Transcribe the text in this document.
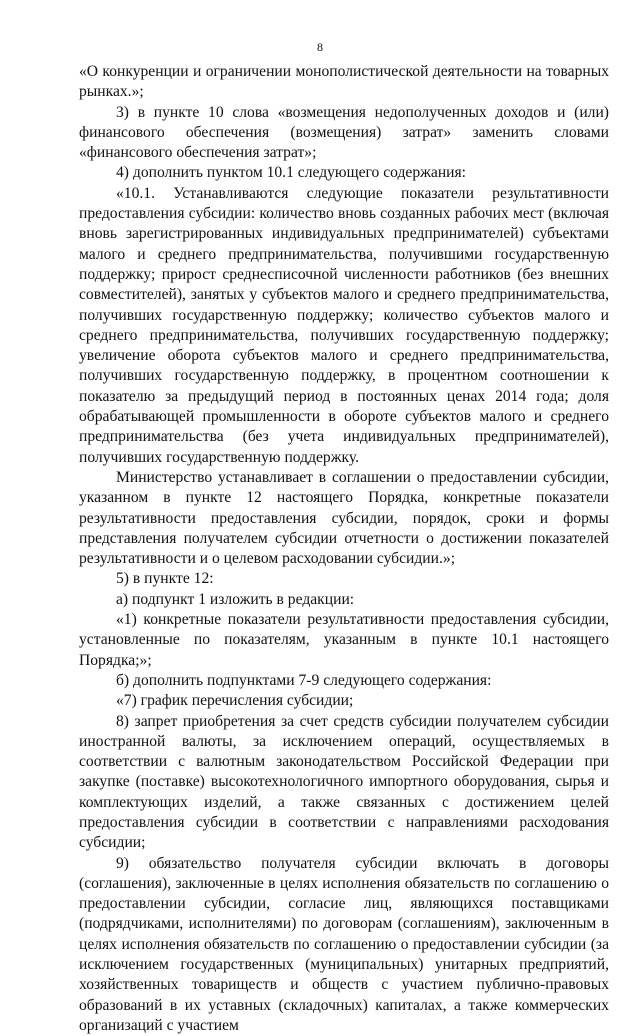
8

«О конкуренции и ограничении монополистической деятельности на товарных рынках.»;

3) в пункте 10 слова «возмещения недополученных доходов и (или) финансового обеспечения (возмещения) затрат» заменить словами «финансового обеспечения затрат»;

4) дополнить пунктом 10.1 следующего содержания:

«10.1. Устанавливаются следующие показатели результативности предоставления субсидии: количество вновь созданных рабочих мест (включая вновь зарегистрированных индивидуальных предпринимателей) субъектами малого и среднего предпринимательства, получившими государственную поддержку; прирост среднесписочной численности работников (без внешних совместителей), занятых у субъектов малого и среднего предпринимательства, получивших государственную поддержку; количество субъектов малого и среднего предпринимательства, получивших государственную поддержку; увеличение оборота субъектов малого и среднего предпринимательства, получивших государственную поддержку, в процентном соотношении к показателю за предыдущий период в постоянных ценах 2014 года; доля обрабатывающей промышленности в обороте субъектов малого и среднего предпринимательства (без учета индивидуальных предпринимателей), получивших государственную поддержку.

Министерство устанавливает в соглашении о предоставлении субсидии, указанном в пункте 12 настоящего Порядка, конкретные показатели результативности предоставления субсидии, порядок, сроки и формы представления получателем субсидии отчетности о достижении показателей результативности и о целевом расходовании субсидии.»;

5) в пункте 12:

а) подпункт 1 изложить в редакции:

«1) конкретные показатели результативности предоставления субсидии, установленные по показателям, указанным в пункте 10.1 настоящего Порядка;»;

б) дополнить подпунктами 7-9 следующего содержания:

«7) график перечисления субсидии;

8) запрет приобретения за счет средств субсидии получателем субсидии иностранной валюты, за исключением операций, осуществляемых в соответствии с валютным законодательством Российской Федерации при закупке (поставке) высокотехнологичного импортного оборудования, сырья и комплектующих изделий, а также связанных с достижением целей предоставления субсидии в соответствии с направлениями расходования субсидии;

9) обязательство получателя субсидии включать в договоры (соглашения), заключенные в целях исполнения обязательств по соглашению о предоставлении субсидии, согласие лиц, являющихся поставщиками (подрядчиками, исполнителями) по договорам (соглашениям), заключенным в целях исполнения обязательств по соглашению о предоставлении субсидии (за исключением государственных (муниципальных) унитарных предприятий, хозяйственных товариществ и обществ с участием публично-правовых образований в их уставных (складочных) капиталах, а также коммерческих организаций с участием
